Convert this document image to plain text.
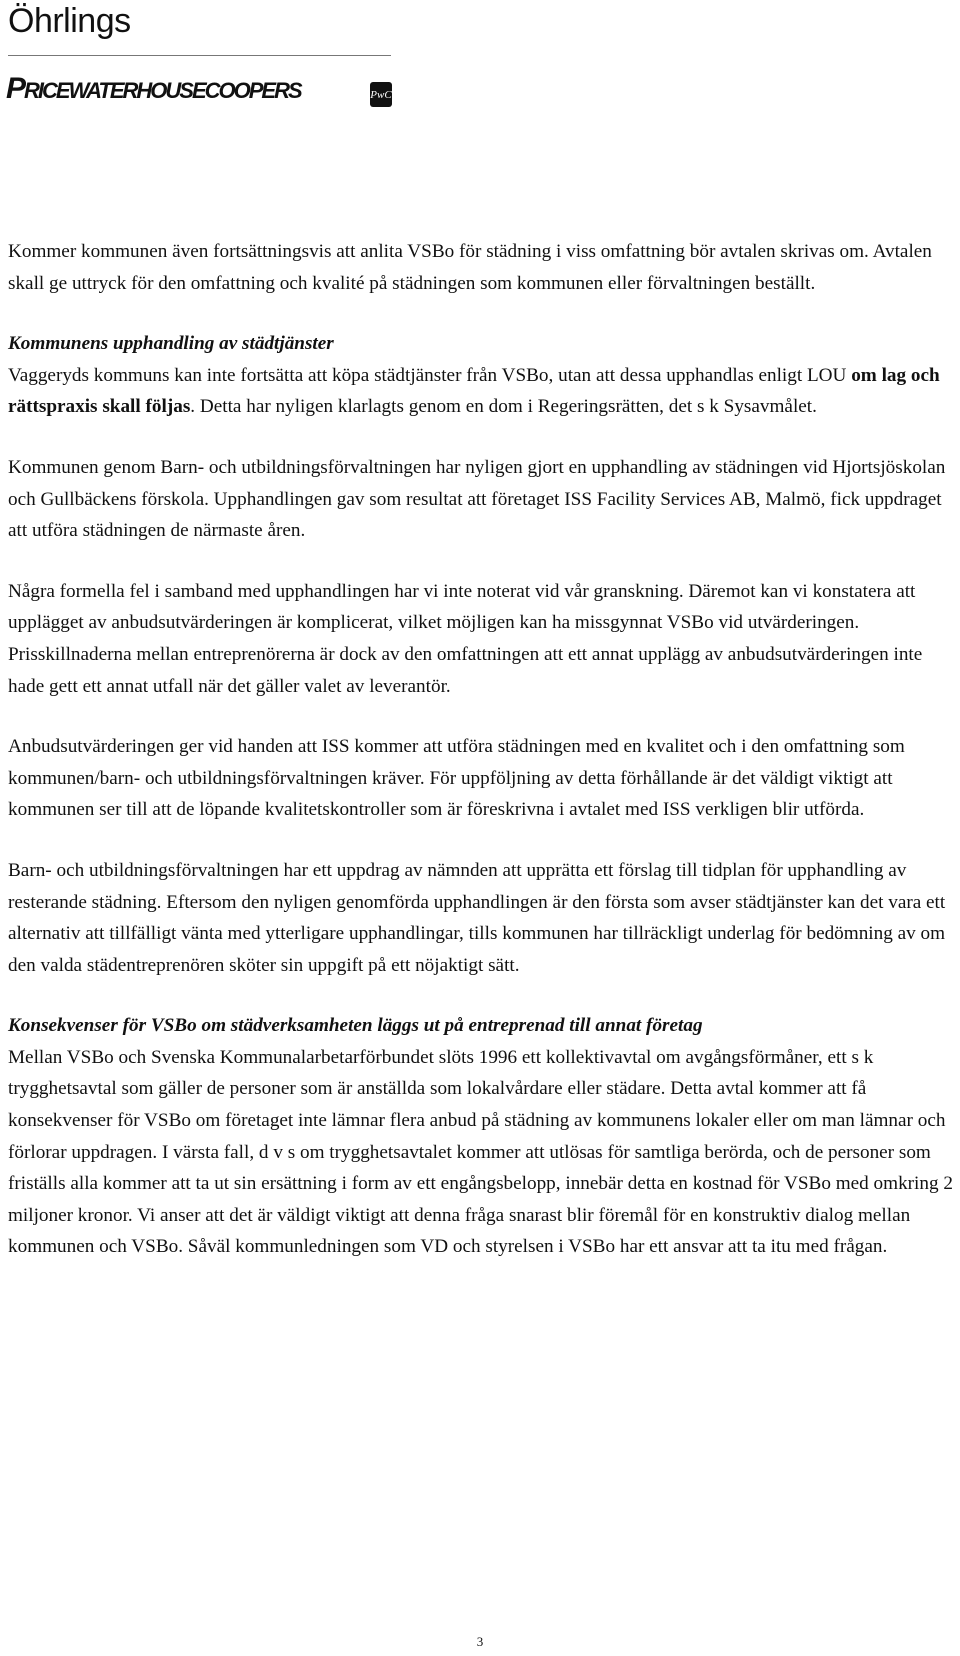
Öhrlings
PRICEWATERHOUSECOOPERS	PwC

Kommer kommunen även fortsättningsvis att anlita VSBo för städning i viss omfattning bör avtalen skrivas om. Avtalen skall ge uttryck för den omfattning och kvalité på städningen som kommunen eller förvaltningen beställt.

Kommunens upphandling av städtjänster
Vaggeryds kommuns kan inte fortsätta att köpa städtjänster från VSBo, utan att dessa upphandlas enligt LOU om lag och rättspraxis skall följas. Detta har nyligen klarlagts genom en dom i Regeringsrätten, det s k Sysavmålet.

Kommunen genom Barn- och utbildningsförvaltningen har nyligen gjort en upphandling av städningen vid Hjortsjöskolan och Gullbäckens förskola. Upphandlingen gav som resultat att företaget ISS Facility Services AB, Malmö, fick uppdraget att utföra städningen de närmaste åren.

Några formella fel i samband med upphandlingen har vi inte noterat vid vår granskning. Däremot kan vi konstatera att upplägget av anbudsutvärderingen är komplicerat, vilket möjligen kan ha missgynnat VSBo vid utvärderingen. Prisskillnaderna mellan entreprenörerna är dock av den omfattningen att ett annat upplägg av anbudsutvärderingen inte hade gett ett annat utfall när det gäller valet av leverantör.

Anbudsutvärderingen ger vid handen att ISS kommer att utföra städningen med en kvalitet och i den omfattning som kommunen/barn- och utbildningsförvaltningen kräver. För uppföljning av detta förhållande är det väldigt viktigt att kommunen ser till att de löpande kvalitetskontroller som är föreskrivna i avtalet med ISS verkligen blir utförda.

Barn- och utbildningsförvaltningen har ett uppdrag av nämnden att upprätta ett förslag till tidplan för upphandling av resterande städning. Eftersom den nyligen genomförda upphandlingen är den första som avser städtjänster kan det vara ett alternativ att tillfälligt vänta med ytterligare upphandlingar, tills kommunen har tillräckligt underlag för bedömning av om den valda städentreprenören sköter sin uppgift på ett nöjaktigt sätt.

Konsekvenser för VSBo om städverksamheten läggs ut på entreprenad till annat företag
Mellan VSBo och Svenska Kommunalarbetarförbundet slöts 1996 ett kollektivavtal om avgångsförmåner, ett s k trygghetsavtal som gäller de personer som är anställda som lokalvårdare eller städare. Detta avtal kommer att få konsekvenser för VSBo om företaget inte lämnar flera anbud på städning av kommunens lokaler eller om man lämnar och förlorar uppdragen. I värsta fall, d v s om trygghetsavtalet kommer att utlösas för samtliga berörda, och de personer som friställs alla kommer att ta ut sin ersättning i form av ett engångsbelopp, innebär detta en kostnad för VSBo med omkring 2 miljoner kronor. Vi anser att det är väldigt viktigt att denna fråga snarast blir föremål för en konstruktiv dialog mellan kommunen och VSBo. Såväl kommunledningen som VD och styrelsen i VSBo har ett ansvar att ta itu med frågan.

3
